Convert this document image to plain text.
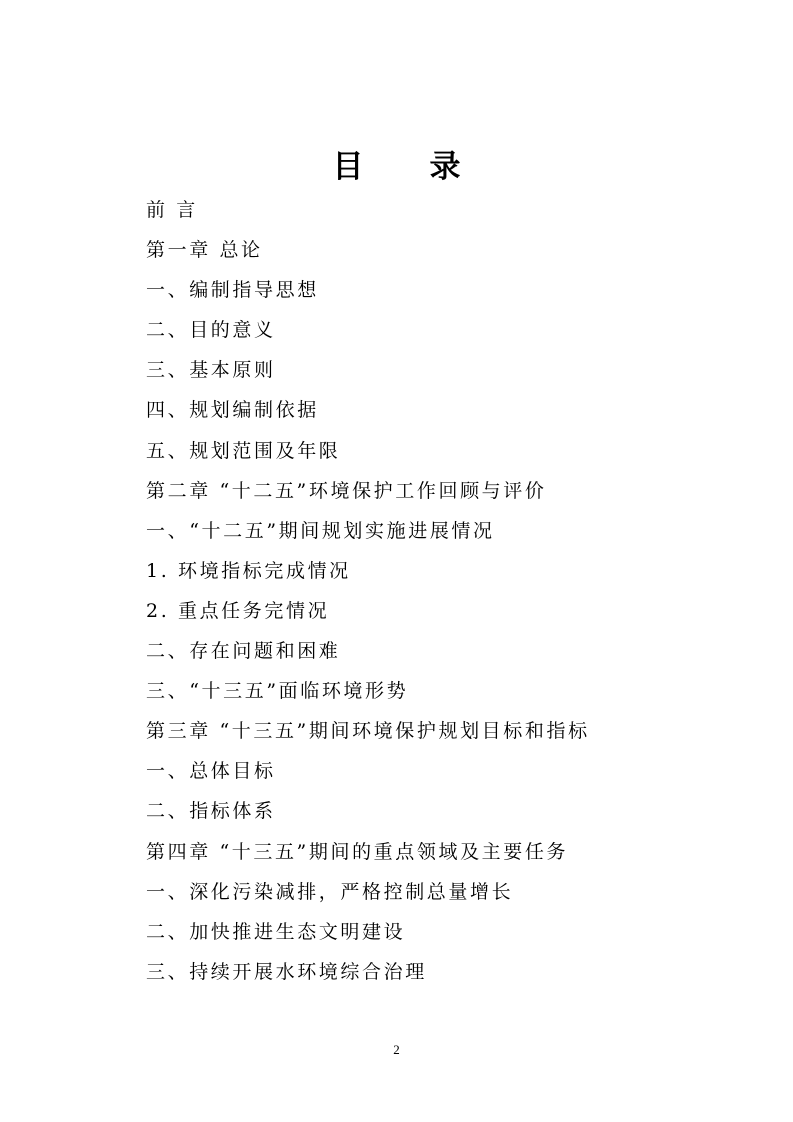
目 录
前 言
第一章 总论
一、编制指导思想
二、目的意义
三、基本原则
四、规划编制依据
五、规划范围及年限
第二章 “十二五”环境保护工作回顾与评价
一、“十二五”期间规划实施进展情况
1. 环境指标完成情况
2. 重点任务完情况
二、存在问题和困难
三、“十三五”面临环境形势
第三章 “十三五”期间环境保护规划目标和指标
一、总体目标
二、指标体系
第四章 “十三五”期间的重点领域及主要任务
一、深化污染减排，严格控制总量增长
二、加快推进生态文明建设
三、持续开展水环境综合治理
2
